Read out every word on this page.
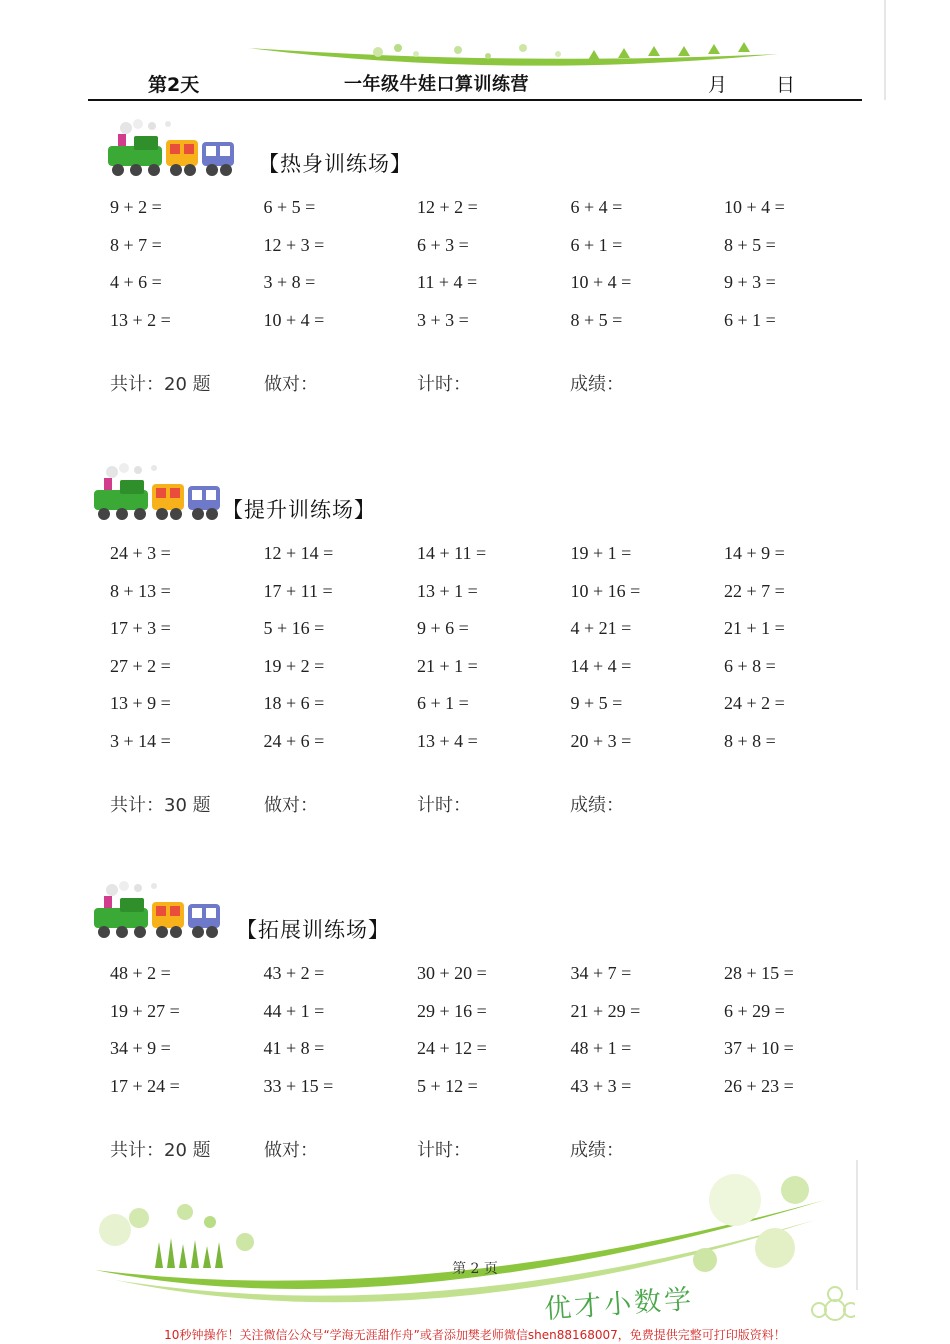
第2天	一年级牛娃口算训练营	月	日
【热身训练场】
9 + 2 =	6 + 5 =	12 + 2 =	6 + 4 =	10 + 4 =
8 + 7 =	12 + 3 =	6 + 3 =	6 + 1 =	8 + 5 =
4 + 6 =	3 + 8 =	11 + 4 =	10 + 4 =	9 + 3 =
13 + 2 =	10 + 4 =	3 + 3 =	8 + 5 =	6 + 1 =
共计：20 题	做对：	计时：	成绩：
【提升训练场】
24 + 3 =	12 + 14 =	14 + 11 =	19 + 1 =	14 + 9 =
8 + 13 =	17 + 11 =	13 + 1 =	10 + 16 =	22 + 7 =
17 + 3 =	5 + 16 =	9 + 6 =	4 + 21 =	21 + 1 =
27 + 2 =	19 + 2 =	21 + 1 =	14 + 4 =	6 + 8 =
13 + 9 =	18 + 6 =	6 + 1 =	9 + 5 =	24 + 2 =
3 + 14 =	24 + 6 =	13 + 4 =	20 + 3 =	8 + 8 =
共计：30 题	做对：	计时：	成绩：
【拓展训练场】
48 + 2 =	43 + 2 =	30 + 20 =	34 + 7 =	28 + 15 =
19 + 27 =	44 + 1 =	29 + 16 =	21 + 29 =	6 + 29 =
34 + 9 =	41 + 8 =	24 + 12 =	48 + 1 =	37 + 10 =
17 + 24 =	33 + 15 =	5 + 12 =	43 + 3 =	26 + 23 =
共计：20 题	做对：	计时：	成绩：
第 2 页
优才小数学
10秒钟操作！关注微信公众号“学海无涯甜作舟”或者添加樊老师微信shen88168007，免费提供完整可打印版资料！
